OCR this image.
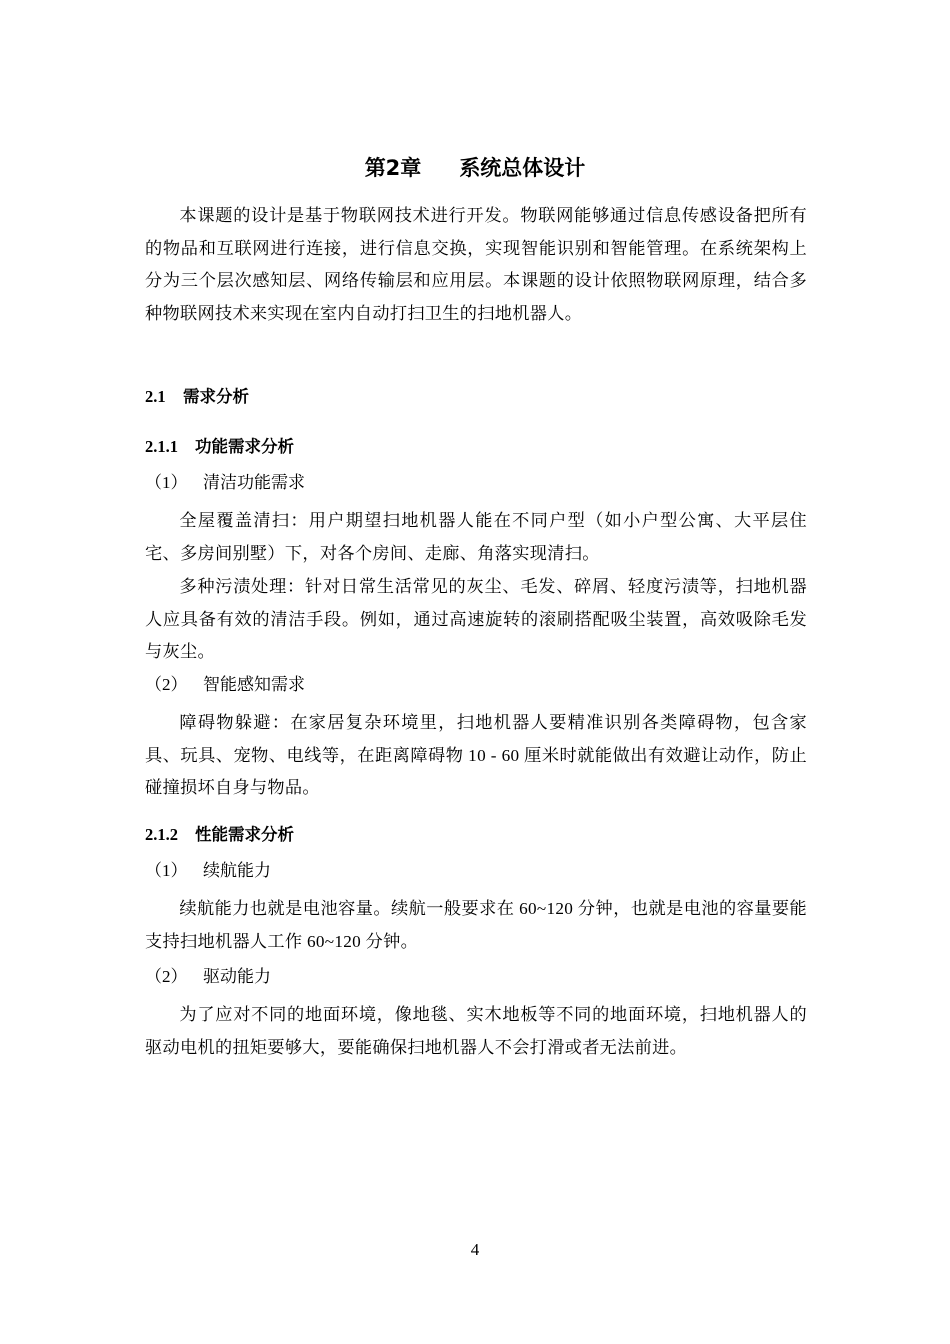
第2章 系统总体设计
本课题的设计是基于物联网技术进行开发。物联网能够通过信息传感设备把所有的物品和互联网进行连接，进行信息交换，实现智能识别和智能管理。在系统架构上分为三个层次感知层、网络传输层和应用层。本课题的设计依照物联网原理，结合多种物联网技术来实现在室内自动打扫卫生的扫地机器人。
2.1 需求分析
2.1.1 功能需求分析
（1） 清洁功能需求
全屋覆盖清扫：用户期望扫地机器人能在不同户型（如小户型公寓、大平层住宅、多房间别墅）下，对各个房间、走廊、角落实现清扫。
多种污渍处理：针对日常生活常见的灰尘、毛发、碎屑、轻度污渍等，扫地机器人应具备有效的清洁手段。例如，通过高速旋转的滚刷搭配吸尘装置，高效吸除毛发与灰尘。
（2） 智能感知需求
障碍物躲避：在家居复杂环境里，扫地机器人要精准识别各类障碍物，包含家具、玩具、宠物、电线等，在距离障碍物 10 - 60 厘米时就能做出有效避让动作，防止碰撞损坏自身与物品。
2.1.2 性能需求分析
（1） 续航能力
续航能力也就是电池容量。续航一般要求在 60~120 分钟，也就是电池的容量要能支持扫地机器人工作 60~120 分钟。
（2） 驱动能力
为了应对不同的地面环境，像地毯、实木地板等不同的地面环境，扫地机器人的驱动电机的扭矩要够大，要能确保扫地机器人不会打滑或者无法前进。
4
